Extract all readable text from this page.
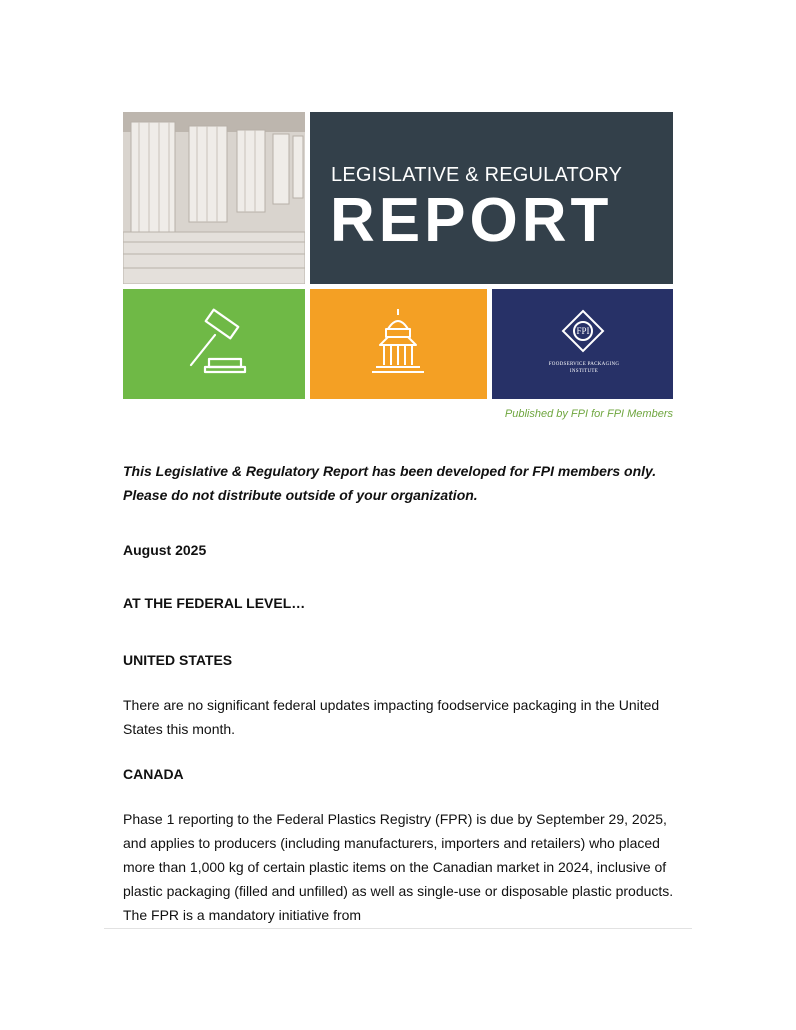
LEGISLATIVE & REGULATORY
REPORT
FPI
FOODSERVICE PACKAGING INSTITUTE
Published by FPI for FPI Members

This Legislative & Regulatory Report has been developed for FPI members only. Please do not distribute outside of your organization.

August 2025

AT THE FEDERAL LEVEL…

UNITED STATES

There are no significant federal updates impacting foodservice packaging in the United States this month.

CANADA

Phase 1 reporting to the Federal Plastics Registry (FPR) is due by September 29, 2025, and applies to producers (including manufacturers, importers and retailers) who placed more than 1,000 kg of certain plastic items on the Canadian market in 2024, inclusive of plastic packaging (filled and unfilled) as well as single-use or disposable plastic products. The FPR is a mandatory initiative from
